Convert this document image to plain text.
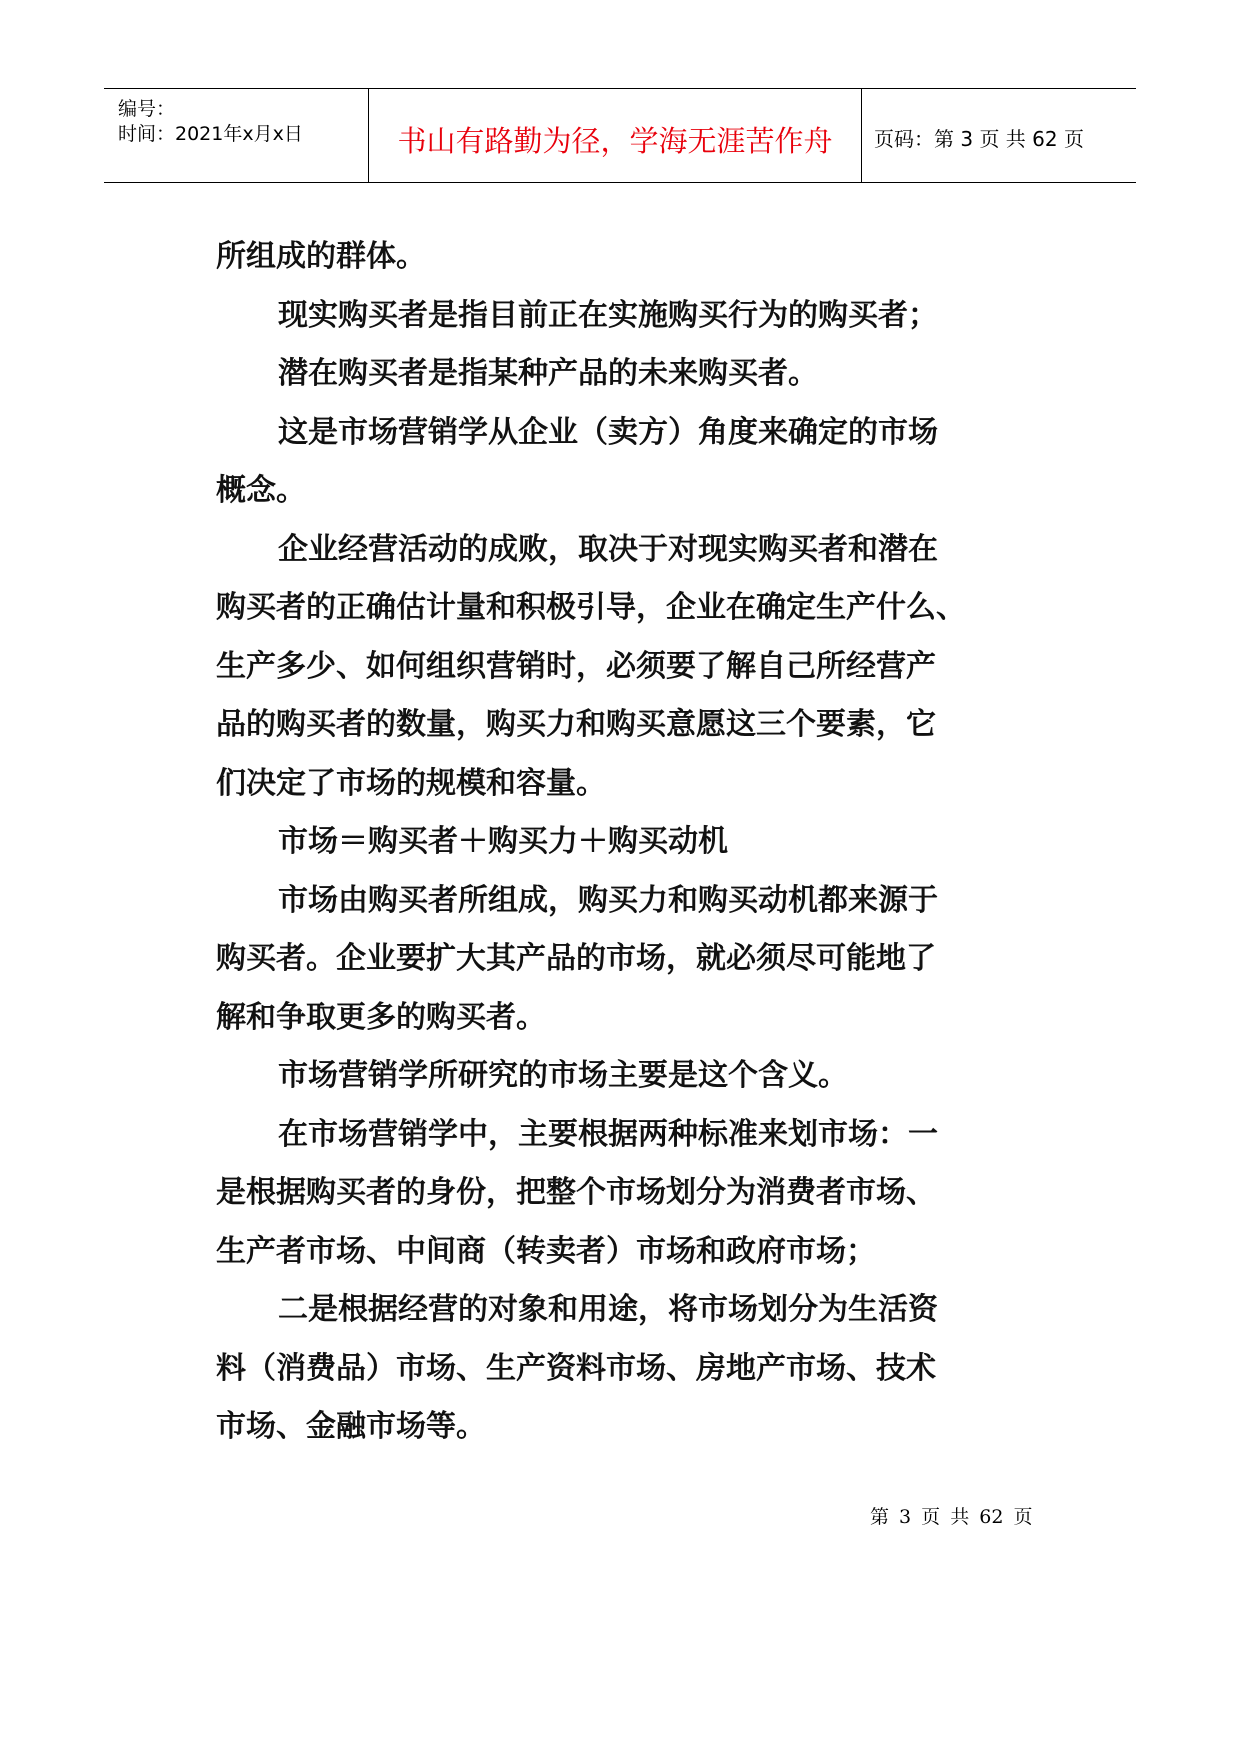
编号：
时间：2021年x月x日	书山有路勤为径，学海无涯苦作舟	页码：第 3 页 共 62 页

所组成的群体。

现实购买者是指目前正在实施购买行为的购买者；

潜在购买者是指某种产品的未来购买者。

这是市场营销学从企业（卖方）角度来确定的市场

概念。

企业经营活动的成败，取决于对现实购买者和潜在

购买者的正确估计量和积极引导，企业在确定生产什么、

生产多少、如何组织营销时，必须要了解自己所经营产

品的购买者的数量，购买力和购买意愿这三个要素，它

们决定了市场的规模和容量。

市场＝购买者＋购买力＋购买动机

市场由购买者所组成，购买力和购买动机都来源于

购买者。企业要扩大其产品的市场，就必须尽可能地了

解和争取更多的购买者。

市场营销学所研究的市场主要是这个含义。

在市场营销学中，主要根据两种标准来划市场：一

是根据购买者的身份，把整个市场划分为消费者市场、

生产者市场、中间商（转卖者）市场和政府市场；

二是根据经营的对象和用途，将市场划分为生活资

料（消费品）市场、生产资料市场、房地产市场、技术

市场、金融市场等。

第 3 页 共 62 页
